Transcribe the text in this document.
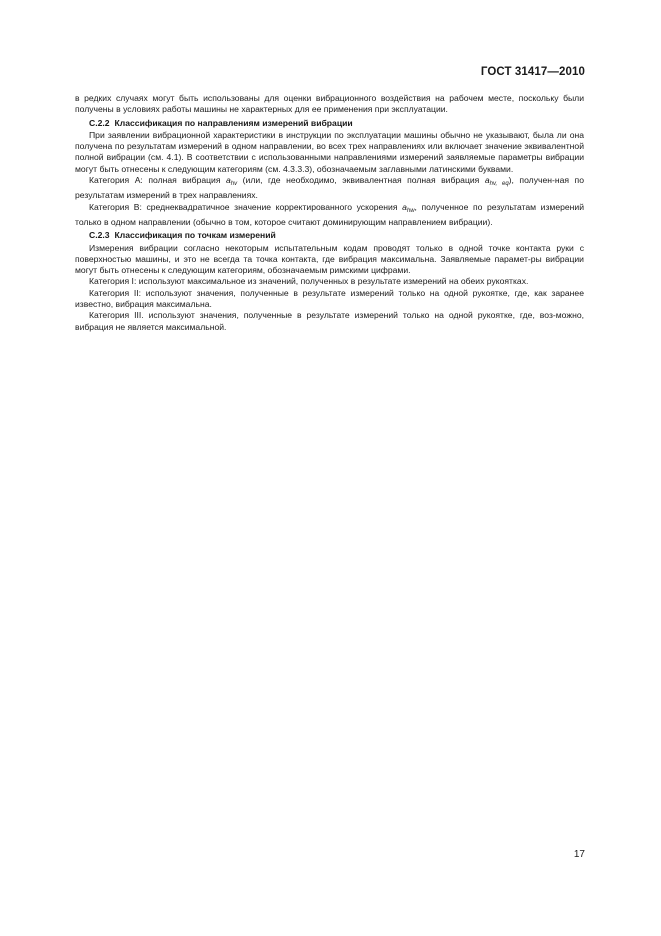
ГОСТ 31417—2010

в редких случаях могут быть использованы для оценки вибрационного воздействия на рабочем месте, поскольку были получены в условиях работы машины не характерных для ее применения при эксплуатации.

С.2.2 Классификация по направлениям измерений вибрации

При заявлении вибрационной характеристики в инструкции по эксплуатации машины обычно не указывают, была ли она получена по результатам измерений в одном направлении, во всех трех направлениях или включает значение эквивалентной полной вибрации (см. 4.1). В соответствии с использованными направлениями измерений заявляемые параметры вибрации могут быть отнесены к следующим категориям (см. 4.3.3.3), обозначаемым заглавными латинскими буквами.

Категория А: полная вибрация $a_{hv}$ (или, где необходимо, эквивалентная полная вибрация $a_{hv, eq}$), получен-ная по результатам измерений в трех направлениях.

Категория В: среднеквадратичное значение корректированного ускорения $a_{hw}$, полученное по результатам измерений только в одном направлении (обычно в том, которое считают доминирующим направлением вибрации).

С.2.3 Классификация по точкам измерений

Измерения вибрации согласно некоторым испытательным кодам проводят только в одной точке контакта руки с поверхностью машины, и это не всегда та точка контакта, где вибрация максимальна. Заявляемые парамет-ры вибрации могут быть отнесены к следующим категориям, обозначаемым римскими цифрами.

Категория I: используют максимальное из значений, полученных в результате измерений на обеих рукоятках.

Категория II: используют значения, полученные в результате измерений только на одной рукоятке, где, как заранее известно, вибрация максимальна.

Категория III. используют значения, полученные в результате измерений только на одной рукоятке, где, воз-можно, вибрация не является максимальной.

17
